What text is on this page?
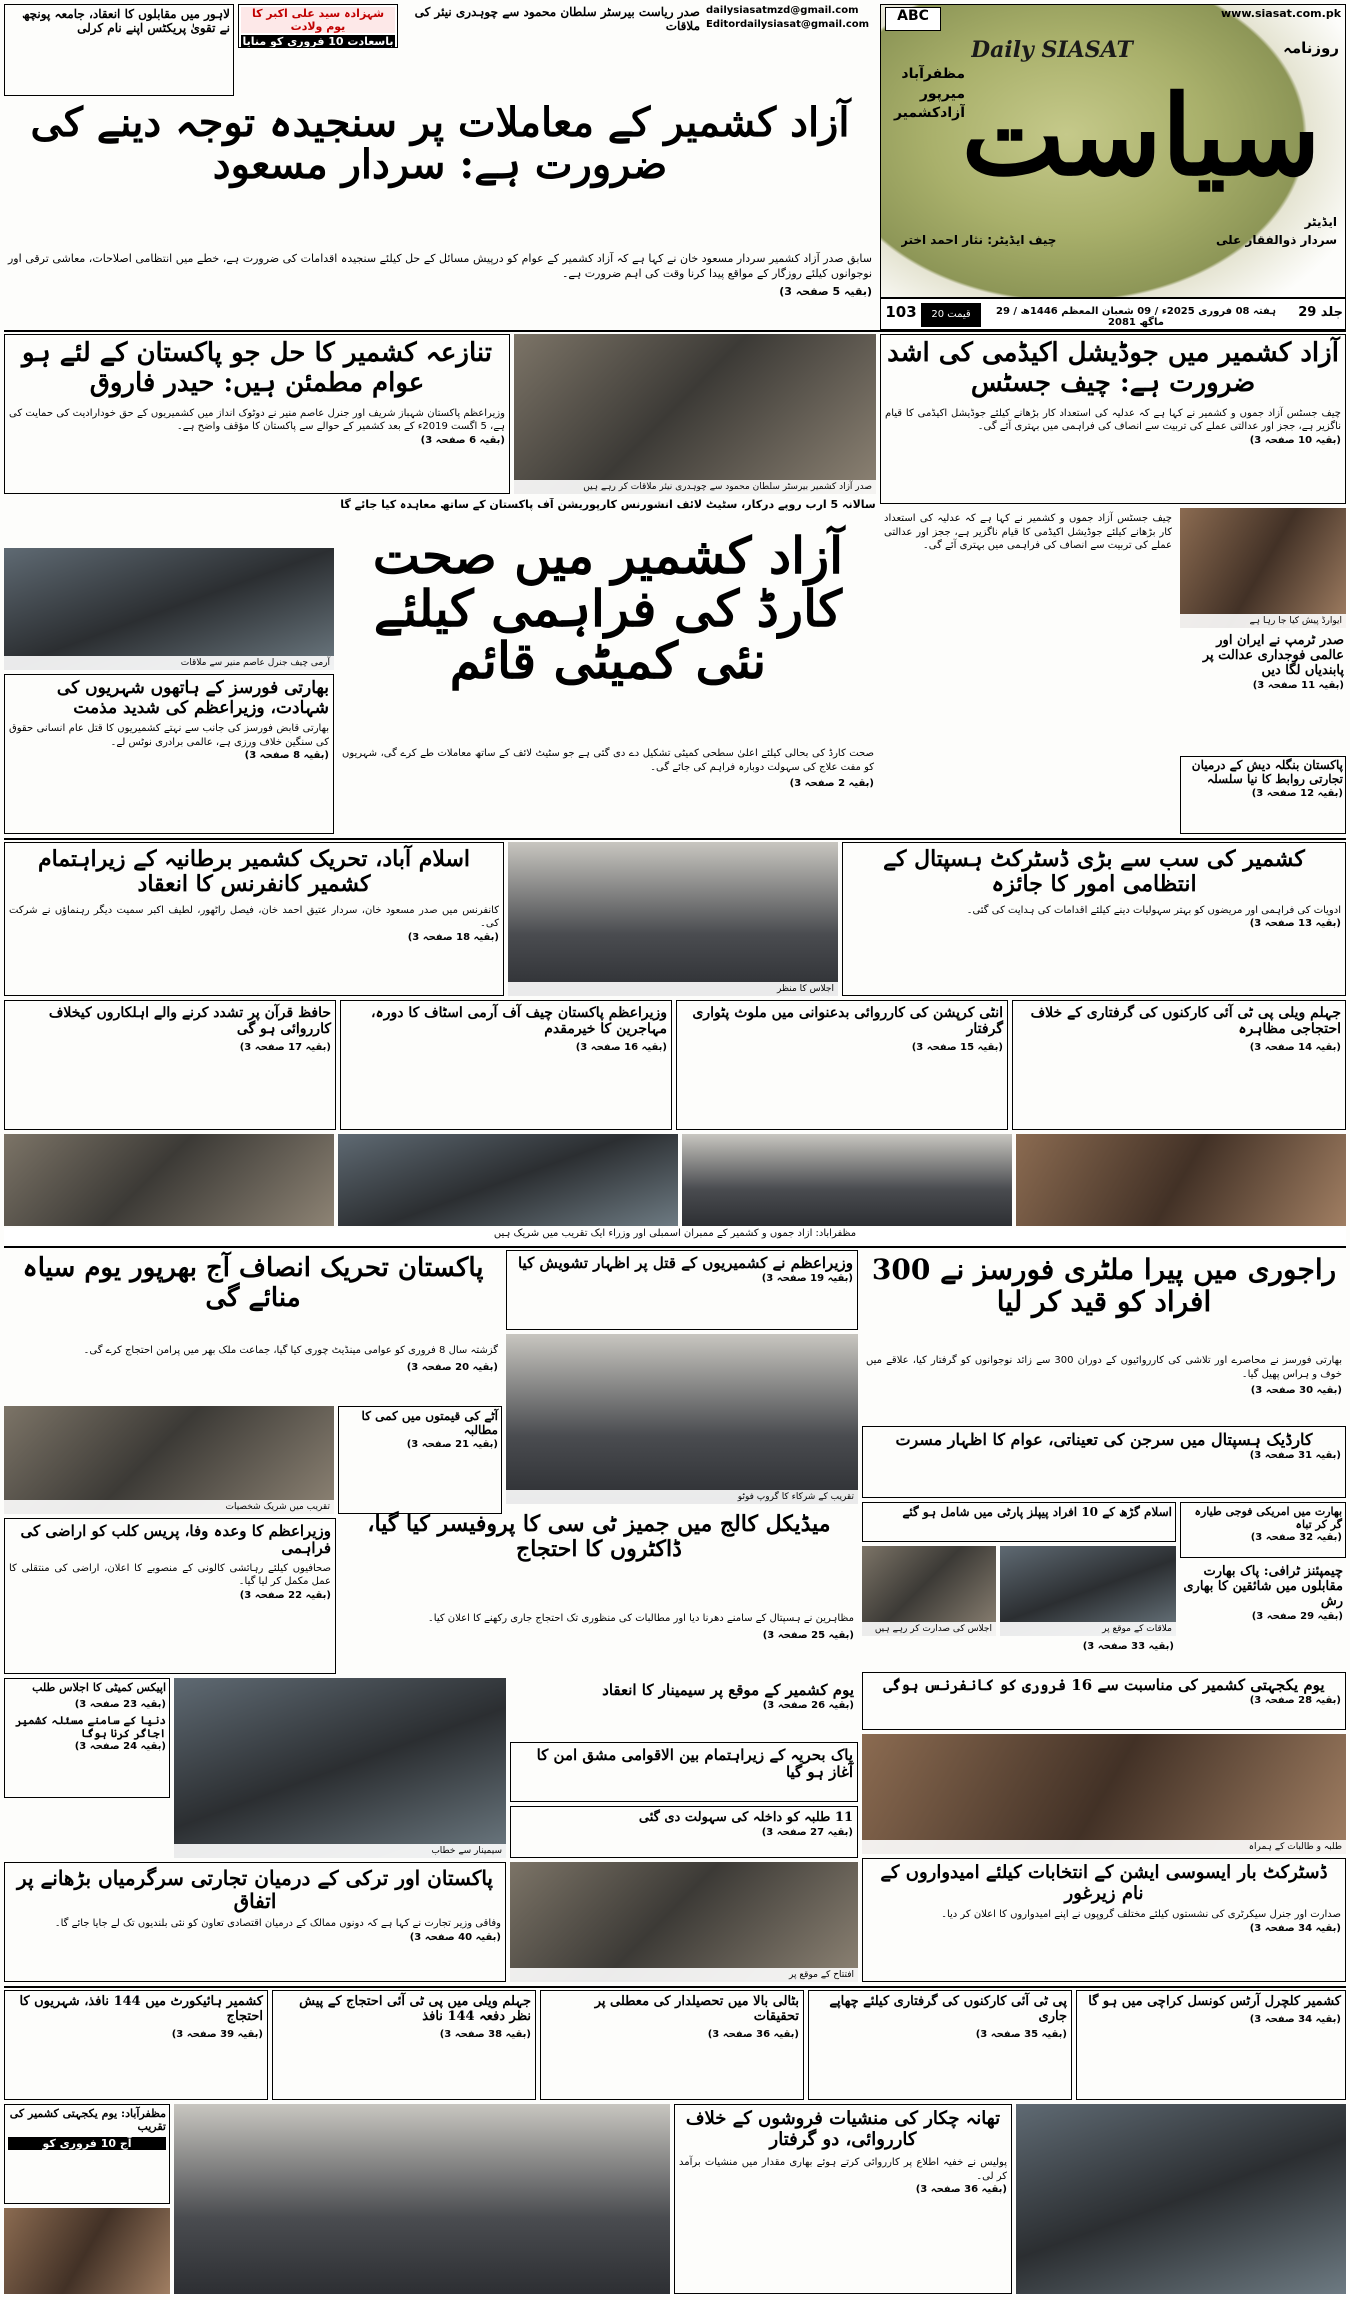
www.siasat.com.pk
ABC
Daily SIASAT	روزنامہ
مظفرآباد
میرپور
آزادکشمیر
سیاست
ایڈیٹر
سردار ذوالفقار علی
چیف ایڈیٹر: نثار احمد اختر
جلد 29
ہفتہ 08 فروری 2025ء / 09 شعبان المعظم 1446ھ / 29 ماگھ 2081
قیمت 20
103
dailysiasatmzd@gmail.com
Editordailysiasat@gmail.com
لاہور میں مقابلوں کا انعقاد، جامعہ پونچھ نے تقویٰ پریکٹس اپنے نام کرلی
شہزادہ سید علی اکبر کا یوم ولادت
باسعادت 10 فروری کو منایا
صدر ریاست بیرسٹر سلطان محمود سے چوہدری نیئر کی ملاقات
آزاد کشمیر کے معاملات پر سنجیدہ توجہ دینے کی ضرورت ہے: سردار مسعود

سابق صدر آزاد کشمیر سردار مسعود خان نے کہا ہے کہ آزاد کشمیر کے عوام کو درپیش مسائل کے حل کیلئے سنجیدہ اقدامات کی ضرورت ہے، خطے میں انتظامی اصلاحات، معاشی ترقی اور نوجوانوں کیلئے روزگار کے مواقع پیدا کرنا وقت کی اہم ضرورت ہے۔

(بقیہ 5 صفحہ 3)

آزاد کشمیر میں جوڈیشل اکیڈمی کی اشد ضرورت ہے: چیف جسٹس
چیف جسٹس آزاد جموں و کشمیر نے کہا ہے کہ عدلیہ کی استعداد کار بڑھانے کیلئے جوڈیشل اکیڈمی کا قیام ناگزیر ہے، ججز اور عدالتی عملے کی تربیت سے انصاف کی فراہمی میں بہتری آئے گی۔
(بقیہ 10 صفحہ 3)
صدر آزاد کشمیر بیرسٹر سلطان محمود سے چوہدری نیئر ملاقات کر رہے ہیں
تنازعہ کشمیر کا حل جو پاکستان کے لئے ہو عوام مطمئن ہیں: حیدر فاروق
وزیراعظم پاکستان شہباز شریف اور جنرل عاصم منیر نے دوٹوک انداز میں کشمیریوں کے حق خودارادیت کی حمایت کی ہے، 5 اگست 2019ء کے بعد کشمیر کے حوالے سے پاکستان کا مؤقف واضح ہے۔
(بقیہ 6 صفحہ 3)
سالانہ 5 ارب روپے درکار، سٹیٹ لائف انشورنس کارپوریشن آف پاکستان کے ساتھ معاہدہ کیا جائے گا
آزاد کشمیر میں صحت کارڈ کی فراہمی کیلئے نئی کمیٹی قائم

صحت کارڈ کی بحالی کیلئے اعلیٰ سطحی کمیٹی تشکیل دے دی گئی ہے جو سٹیٹ لائف کے ساتھ معاملات طے کرے گی، شہریوں کو مفت علاج کی سہولت دوبارہ فراہم کی جائے گی۔

(بقیہ 2 صفحہ 3)

آرمی چیف جنرل عاصم منیر سے ملاقات
بھارتی فورسز کے ہاتھوں شہریوں کی شہادت، وزیراعظم کی شدید مذمت
بھارتی قابض فورسز کی جانب سے نہتے کشمیریوں کا قتل عام انسانی حقوق کی سنگین خلاف ورزی ہے، عالمی برادری نوٹس لے۔
(بقیہ 8 صفحہ 3)
ایوارڈ پیش کیا جا رہا ہے
صدر ٹرمپ نے ایران اور عالمی فوجداری عدالت پر پابندیاں لگا دیں
(بقیہ 11 صفحہ 3)
پاکستان بنگلہ دیش کے درمیان تجارتی روابط کا نیا سلسلہ
(بقیہ 12 صفحہ 3)
چیف جسٹس آزاد جموں و کشمیر نے کہا ہے کہ عدلیہ کی استعداد کار بڑھانے کیلئے جوڈیشل اکیڈمی کا قیام ناگزیر ہے، ججز اور عدالتی عملے کی تربیت سے انصاف کی فراہمی میں بہتری آئے گی۔
اسلام آباد، تحریک کشمیر برطانیہ کے زیراہتمام کشمیر کانفرنس کا انعقاد
کانفرنس میں صدر مسعود خان، سردار عتیق احمد خان، فیصل راٹھور، لطیف اکبر سمیت دیگر رہنماؤں نے شرکت کی۔
(بقیہ 18 صفحہ 3)
اجلاس کا منظر
کشمیر کی سب سے بڑی ڈسٹرکٹ ہسپتال کے انتظامی امور کا جائزہ
ادویات کی فراہمی اور مریضوں کو بہتر سہولیات دینے کیلئے اقدامات کی ہدایت کی گئی۔
(بقیہ 13 صفحہ 3)
حافظ قرآن پر تشدد کرنے والے اہلکاروں کیخلاف کارروائی ہو گی
(بقیہ 17 صفحہ 3)
وزیراعظم پاکستان چیف آف آرمی اسٹاف کا دورہ، مہاجرین کا خیرمقدم
(بقیہ 16 صفحہ 3)
انٹی کرپشن کی کارروائی بدعنوانی میں ملوث پٹواری گرفتار
(بقیہ 15 صفحہ 3)
جہلم ویلی پی ٹی آئی کارکنوں کی گرفتاری کے خلاف احتجاجی مظاہرہ
(بقیہ 14 صفحہ 3)
مظفرآباد: آزاد جموں و کشمیر کے ممبران اسمبلی اور وزراء ایک تقریب میں شریک ہیں
راجوری میں پیرا ملٹری فورسز نے 300 افراد کو قید کر لیا

بھارتی فورسز نے محاصرے اور تلاشی کی کارروائیوں کے دوران 300 سے زائد نوجوانوں کو گرفتار کیا، علاقے میں خوف و ہراس پھیل گیا۔

(بقیہ 30 صفحہ 3)

کارڈیک ہسپتال میں سرجن کی تعیناتی، عوام کا اظہار مسرت
(بقیہ 31 صفحہ 3)
بھارت میں امریکی فوجی طیارہ گر کر تباہ
(بقیہ 32 صفحہ 3)
اسلام گڑھ کے 10 افراد پیپلز پارٹی میں شامل ہو گئے
ملاقات کے موقع پر
اجلاس کی صدارت کر رہے ہیں
(بقیہ 33 صفحہ 3)
چیمپئنز ٹرافی: پاک بھارت مقابلوں میں شائقین کا بھاری رش
(بقیہ 29 صفحہ 3)
وزیراعظم نے کشمیریوں کے قتل پر اظہار تشویش کیا
(بقیہ 19 صفحہ 3)
تقریب کے شرکاء کا گروپ فوٹو
پاکستان تحریک انصاف آج بھرپور یوم سیاہ منائے گی

گزشتہ سال 8 فروری کو عوامی مینڈیٹ چوری کیا گیا، جماعت ملک بھر میں پرامن احتجاج کرے گی۔

(بقیہ 20 صفحہ 3)

تقریب میں شریک شخصیات
آٹے کی قیمتوں میں کمی کا مطالبہ
(بقیہ 21 صفحہ 3)
میڈیکل کالج میں جمیز ٹی سی کا پروفیسر کیا گیا، ڈاکٹروں کا احتجاج

مظاہرین نے ہسپتال کے سامنے دھرنا دیا اور مطالبات کی منظوری تک احتجاج جاری رکھنے کا اعلان کیا۔

(بقیہ 25 صفحہ 3)

وزیراعظم کا وعدہ وفا، پریس کلب کو اراضی کی فراہمی
صحافیوں کیلئے رہائشی کالونی کے منصوبے کا اعلان، اراضی کی منتقلی کا عمل مکمل کر لیا گیا۔
(بقیہ 22 صفحہ 3)
یوم یکجہتی کشمیر کی مناسبت سے 16 فروری کو کانفرنس ہوگی
(بقیہ 28 صفحہ 3)
طلبہ و طالبات کے ہمراہ
اپیکس کمیٹی کا اجلاس طلب
(بقیہ 23 صفحہ 3)
دنیا کے سامنے مسئلہ کشمیر اجاگر کرنا ہوگا
(بقیہ 24 صفحہ 3)
سیمینار سے خطاب
یوم کشمیر کے موقع پر سیمینار کا انعقاد
(بقیہ 26 صفحہ 3)
پاک بحریہ کے زیراہتمام بین الاقوامی مشق امن کا آغاز ہو گیا
11 طلبہ کو داخلہ کی سہولت دی گئی
(بقیہ 27 صفحہ 3)
پاکستان اور ترکی کے درمیان تجارتی سرگرمیاں بڑھانے پر اتفاق
وفاقی وزیر تجارت نے کہا ہے کہ دونوں ممالک کے درمیان اقتصادی تعاون کو نئی بلندیوں تک لے جایا جائے گا۔
(بقیہ 40 صفحہ 3)
افتتاح کے موقع پر
ڈسٹرکٹ بار ایسوسی ایشن کے انتخابات کیلئے امیدواروں کے نام زیرغور
صدارت اور جنرل سیکرٹری کی نشستوں کیلئے مختلف گروپوں نے اپنے امیدواروں کا اعلان کر دیا۔
(بقیہ 34 صفحہ 3)
کشمیر ہائیکورٹ میں 144 نافذ، شہریوں کا احتجاج
(بقیہ 39 صفحہ 3)
جہلم ویلی میں پی ٹی آئی احتجاج کے پیش نظر دفعہ 144 نافذ
(بقیہ 38 صفحہ 3)
بٹالی بالا میں تحصیلدار کی معطلی پر تحقیقات
(بقیہ 36 صفحہ 3)
پی ٹی آئی کارکنوں کی گرفتاری کیلئے چھاپے جاری
(بقیہ 35 صفحہ 3)
کشمیر کلچرل آرٹس کونسل کراچی میں ہو گا
(بقیہ 34 صفحہ 3)
مظفرآباد: یوم یکجہتی کشمیر کی تقریب
آج 10 فروری کو
تھانہ چکار کی منشیات فروشوں کے خلاف کارروائی، دو گرفتار
پولیس نے خفیہ اطلاع پر کارروائی کرتے ہوئے بھاری مقدار میں منشیات برآمد کر لی۔
(بقیہ 36 صفحہ 3)
